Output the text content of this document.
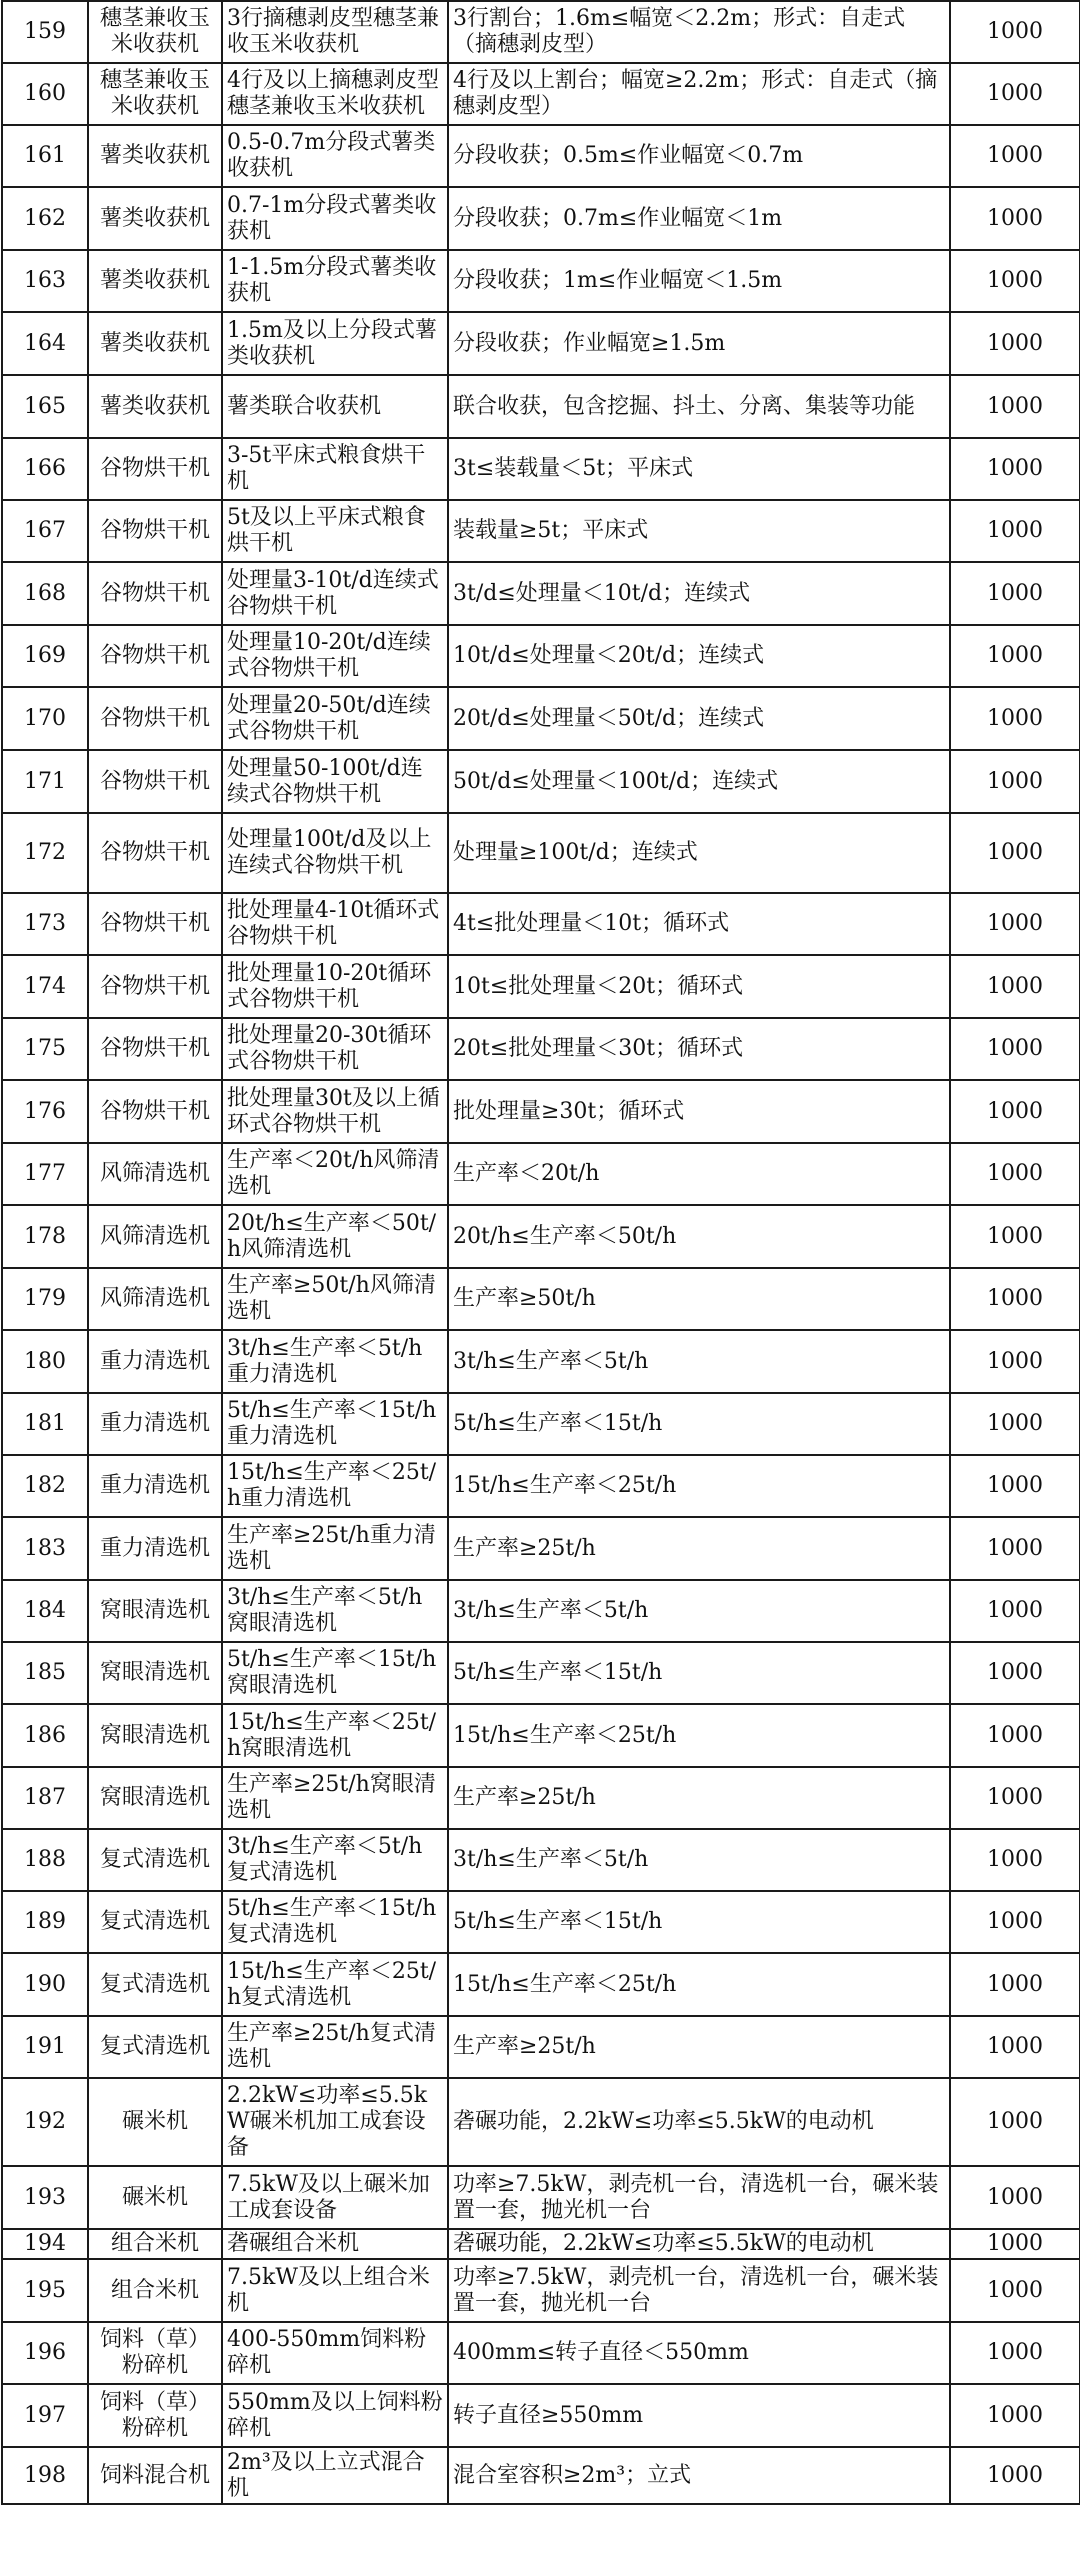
159	穗茎兼收玉米收获机	3行摘穗剥皮型穗茎兼收玉米收获机	3行割台；1.6m≤幅宽＜2.2m；形式：自走式（摘穗剥皮型）	1000
160	穗茎兼收玉米收获机	4行及以上摘穗剥皮型穗茎兼收玉米收获机	4行及以上割台；幅宽≥2.2m；形式：自走式（摘穗剥皮型）	1000
161	薯类收获机	0.5-0.7m分段式薯类收获机	分段收获；0.5m≤作业幅宽＜0.7m	1000
162	薯类收获机	0.7-1m分段式薯类收获机	分段收获；0.7m≤作业幅宽＜1m	1000
163	薯类收获机	1-1.5m分段式薯类收获机	分段收获；1m≤作业幅宽＜1.5m	1000
164	薯类收获机	1.5m及以上分段式薯类收获机	分段收获；作业幅宽≥1.5m	1000
165	薯类收获机	薯类联合收获机	联合收获，包含挖掘、抖土、分离、集装等功能	1000
166	谷物烘干机	3-5t平床式粮食烘干机	3t≤装载量＜5t；平床式	1000
167	谷物烘干机	5t及以上平床式粮食烘干机	装载量≥5t；平床式	1000
168	谷物烘干机	处理量3-10t/d连续式谷物烘干机	3t/d≤处理量＜10t/d；连续式	1000
169	谷物烘干机	处理量10-20t/d连续式谷物烘干机	10t/d≤处理量＜20t/d；连续式	1000
170	谷物烘干机	处理量20-50t/d连续式谷物烘干机	20t/d≤处理量＜50t/d；连续式	1000
171	谷物烘干机	处理量50-100t/d连续式谷物烘干机	50t/d≤处理量＜100t/d；连续式	1000
172	谷物烘干机	处理量100t/d及以上连续式谷物烘干机	处理量≥100t/d；连续式	1000
173	谷物烘干机	批处理量4-10t循环式谷物烘干机	4t≤批处理量＜10t；循环式	1000
174	谷物烘干机	批处理量10-20t循环式谷物烘干机	10t≤批处理量＜20t；循环式	1000
175	谷物烘干机	批处理量20-30t循环式谷物烘干机	20t≤批处理量＜30t；循环式	1000
176	谷物烘干机	批处理量30t及以上循环式谷物烘干机	批处理量≥30t；循环式	1000
177	风筛清选机	生产率＜20t/h风筛清选机	生产率＜20t/h	1000
178	风筛清选机	20t/h≤生产率＜50t/h风筛清选机	20t/h≤生产率＜50t/h	1000
179	风筛清选机	生产率≥50t/h风筛清选机	生产率≥50t/h	1000
180	重力清选机	3t/h≤生产率＜5t/h重力清选机	3t/h≤生产率＜5t/h	1000
181	重力清选机	5t/h≤生产率＜15t/h重力清选机	5t/h≤生产率＜15t/h	1000
182	重力清选机	15t/h≤生产率＜25t/h重力清选机	15t/h≤生产率＜25t/h	1000
183	重力清选机	生产率≥25t/h重力清选机	生产率≥25t/h	1000
184	窝眼清选机	3t/h≤生产率＜5t/h窝眼清选机	3t/h≤生产率＜5t/h	1000
185	窝眼清选机	5t/h≤生产率＜15t/h窝眼清选机	5t/h≤生产率＜15t/h	1000
186	窝眼清选机	15t/h≤生产率＜25t/h窝眼清选机	15t/h≤生产率＜25t/h	1000
187	窝眼清选机	生产率≥25t/h窝眼清选机	生产率≥25t/h	1000
188	复式清选机	3t/h≤生产率＜5t/h复式清选机	3t/h≤生产率＜5t/h	1000
189	复式清选机	5t/h≤生产率＜15t/h复式清选机	5t/h≤生产率＜15t/h	1000
190	复式清选机	15t/h≤生产率＜25t/h复式清选机	15t/h≤生产率＜25t/h	1000
191	复式清选机	生产率≥25t/h复式清选机	生产率≥25t/h	1000
192	碾米机	2.2kW≤功率≤5.5kW碾米机加工成套设备	砻碾功能，2.2kW≤功率≤5.5kW的电动机	1000
193	碾米机	7.5kW及以上碾米加工成套设备	功率≥7.5kW，剥壳机一台，清选机一台，碾米装置一套，抛光机一台	1000
194	组合米机	砻碾组合米机	砻碾功能，2.2kW≤功率≤5.5kW的电动机	1000
195	组合米机	7.5kW及以上组合米机	功率≥7.5kW，剥壳机一台，清选机一台，碾米装置一套，抛光机一台	1000
196	饲料（草）粉碎机	400-550mm饲料粉碎机	400mm≤转子直径＜550mm	1000
197	饲料（草）粉碎机	550mm及以上饲料粉碎机	转子直径≥550mm	1000
198	饲料混合机	2m³及以上立式混合机	混合室容积≥2m³；立式	1000
